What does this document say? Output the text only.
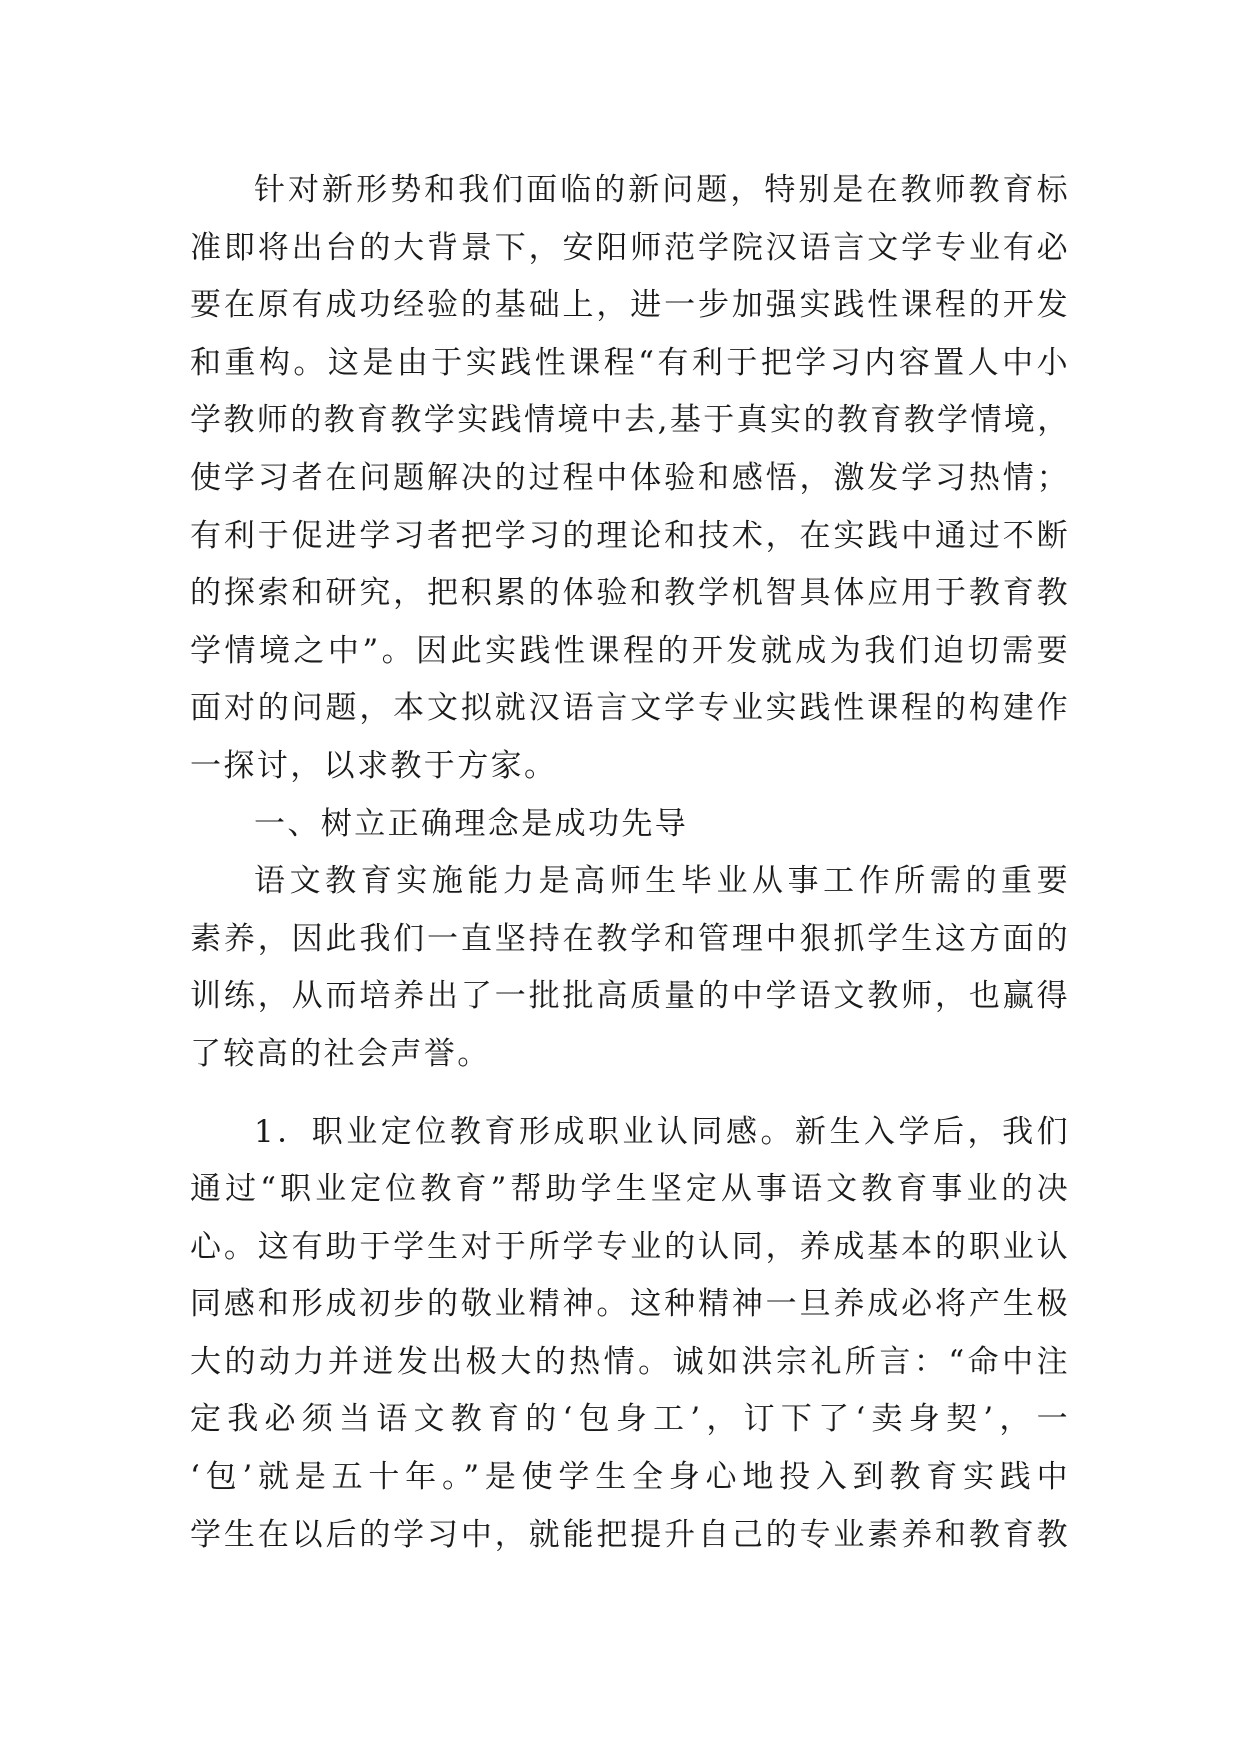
针对新形势和我们面临的新问题，特别是在教师教育标
准即将出台的大背景下，安阳师范学院汉语言文学专业有必
要在原有成功经验的基础上，进一步加强实践性课程的开发
和重构。这是由于实践性课程“有利于把学习内容置人中小
学教师的教育教学实践情境中去,基于真实的教育教学情境，
使学习者在问题解决的过程中体验和感悟，激发学习热情；
有利于促进学习者把学习的理论和技术，在实践中通过不断
的探索和研究，把积累的体验和教学机智具体应用于教育教
学情境之中”。因此实践性课程的开发就成为我们迫切需要
面对的问题，本文拟就汉语言文学专业实践性课程的构建作
一探讨，以求教于方家。
一、树立正确理念是成功先导
语文教育实施能力是高师生毕业从事工作所需的重要
素养，因此我们一直坚持在教学和管理中狠抓学生这方面的
训练，从而培养出了一批批高质量的中学语文教师，也赢得
了较高的社会声誉。
1．职业定位教育形成职业认同感。新生入学后，我们
通过“职业定位教育”帮助学生坚定从事语文教育事业的决
心。这有助于学生对于所学专业的认同，养成基本的职业认
同感和形成初步的敬业精神。这种精神一旦养成必将产生极
大的动力并迸发出极大的热情。诚如洪宗礼所言：“命中注
定我必须当语文教育的‘包身工’，订下了‘卖身契’，一
‘包’就是五十年。”是使学生全身心地投入到教育实践中
学生在以后的学习中，就能把提升自己的专业素养和教育教
